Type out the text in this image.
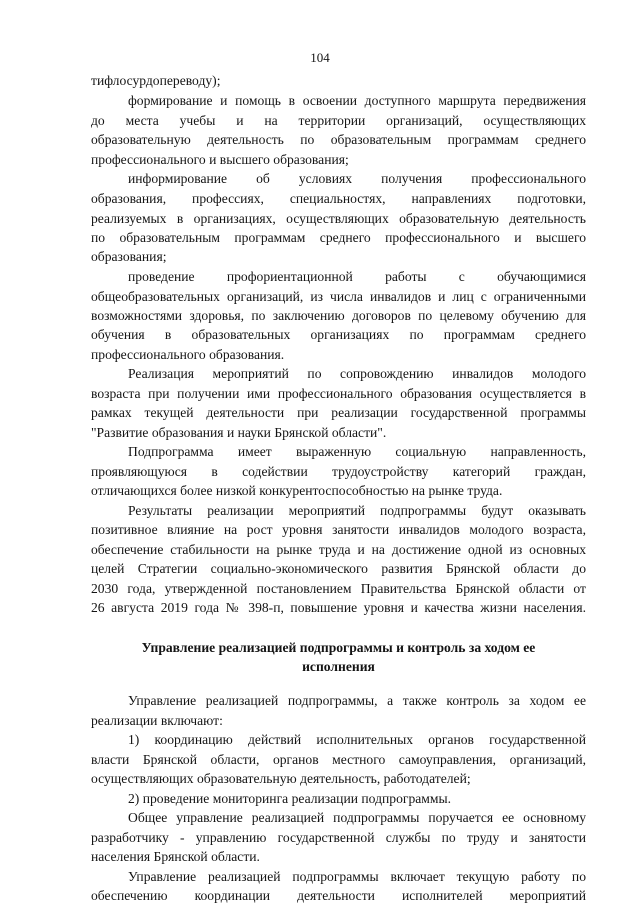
104
тифлосурдопереводу);
формирование и помощь в освоении доступного маршрута передвижения
до места учебы и на территории организаций, осуществляющих
образовательную деятельность по образовательным программам среднего
профессионального и высшего образования;
информирование об условиях получения профессионального
образования, профессиях, специальностях, направлениях подготовки,
реализуемых в организациях, осуществляющих образовательную деятельность
по образовательным программам среднего профессионального и высшего
образования;
проведение профориентационной работы с обучающимися
общеобразовательных организаций, из числа инвалидов и лиц с ограниченными
возможностями здоровья, по заключению договоров по целевому обучению для
обучения в образовательных организациях по программам среднего
профессионального образования.
Реализация мероприятий по сопровождению инвалидов молодого
возраста при получении ими профессионального образования осуществляется в
рамках текущей деятельности при реализации государственной программы
"Развитие образования и науки Брянской области".
Подпрограмма имеет выраженную социальную направленность,
проявляющуюся в содействии трудоустройству категорий граждан,
отличающихся более низкой конкурентоспособностью на рынке труда.
Результаты реализации мероприятий подпрограммы будут оказывать
позитивное влияние на рост уровня занятости инвалидов молодого возраста,
обеспечение стабильности на рынке труда и на достижение одной из основных
целей Стратегии социально-экономического развития Брянской области до
2030 года, утвержденной постановлением Правительства Брянской области от
26 августа 2019 года № 398-п, повышение уровня и качества жизни населения.
Управление реализацией подпрограммы и контроль за ходом ее
исполнения
Управление реализацией подпрограммы, а также контроль за ходом ее
реализации включают:
1) координацию действий исполнительных органов государственной
власти Брянской области, органов местного самоуправления, организаций,
осуществляющих образовательную деятельность, работодателей;
2) проведение мониторинга реализации подпрограммы.
Общее управление реализацией подпрограммы поручается ее основному
разработчику - управлению государственной службы по труду и занятости
населения Брянской области.
Управление реализацией подпрограммы включает текущую работу по
обеспечению координации деятельности исполнителей мероприятий
